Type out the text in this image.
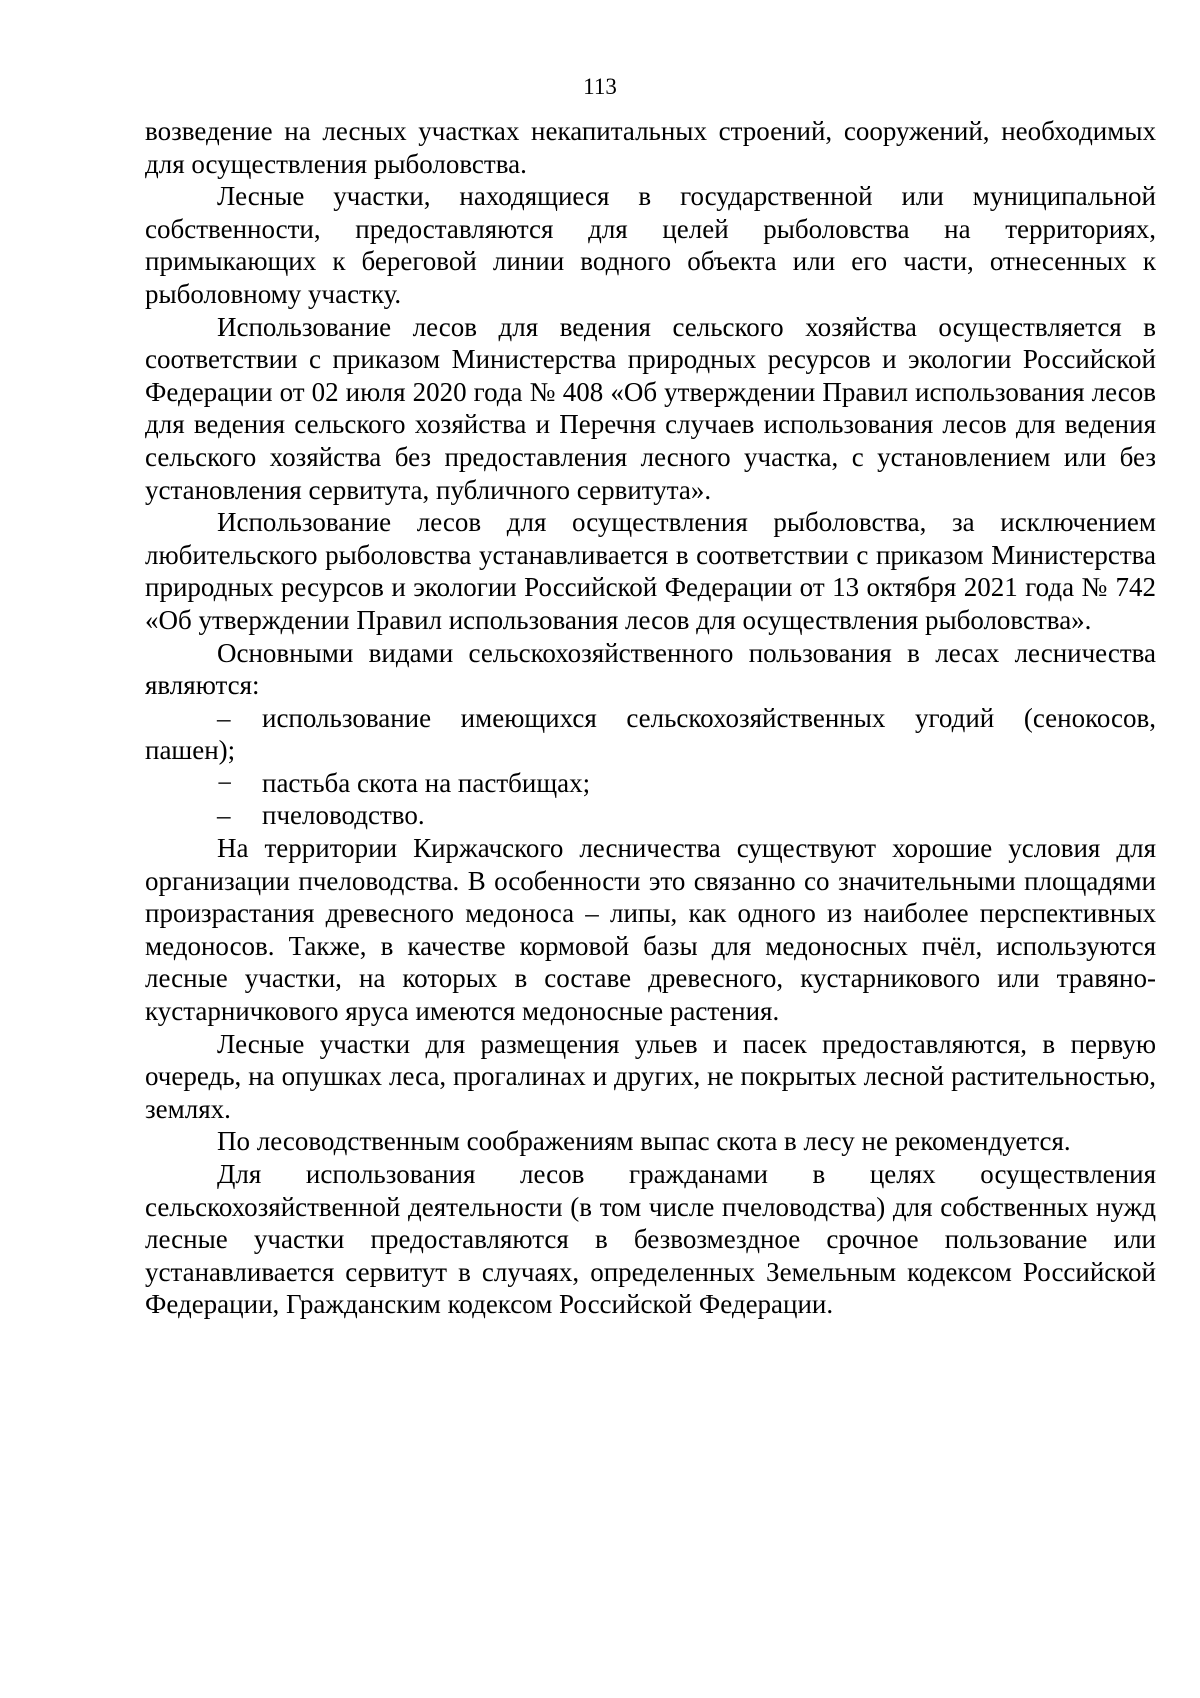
113

возведение на лесных участках некапитальных строений, сооружений, необходимых для осуществления рыболовства.

Лесные участки, находящиеся в государственной или муниципальной собственности, предоставляются для целей рыболовства на территориях, примыкающих к береговой линии водного объекта или его части, отнесенных к рыболовному участку.

Использование лесов для ведения сельского хозяйства осуществляется в соответствии с приказом Министерства природных ресурсов и экологии Российской Федерации от 02 июля 2020 года № 408 «Об утверждении Правил использования лесов для ведения сельского хозяйства и Перечня случаев использования лесов для ведения сельского хозяйства без предоставления лесного участка, с установлением или без установления сервитута, публичного сервитута».

Использование лесов для осуществления рыболовства, за исключением любительского рыболовства устанавливается в соответствии с приказом Министерства природных ресурсов и экологии Российской Федерации от 13 октября 2021 года № 742 «Об утверждении Правил использования лесов для осуществления рыболовства».

Основными видами сельскохозяйственного пользования в лесах лесничества являются:

– использование имеющихся сельскохозяйственных угодий (сенокосов, пашен);

− пастьба скота на пастбищах;

– пчеловодство.

На территории Киржачского лесничества существуют хорошие условия для организации пчеловодства. В особенности это связанно со значительными площадями произрастания древесного медоноса – липы, как одного из наиболее перспективных медоносов. Также, в качестве кормовой базы для медоносных пчёл, используются лесные участки, на которых в составе древесного, кустарникового или травяно-кустарничкового яруса имеются медоносные растения.

Лесные участки для размещения ульев и пасек предоставляются, в первую очередь, на опушках леса, прогалинах и других, не покрытых лесной растительностью, землях.

По лесоводственным соображениям выпас скота в лесу не рекомендуется.

Для использования лесов гражданами в целях осуществления сельскохозяйственной деятельности (в том числе пчеловодства) для собственных нужд лесные участки предоставляются в безвозмездное срочное пользование или устанавливается сервитут в случаях, определенных Земельным кодексом Российской Федерации, Гражданским кодексом Российской Федерации.
